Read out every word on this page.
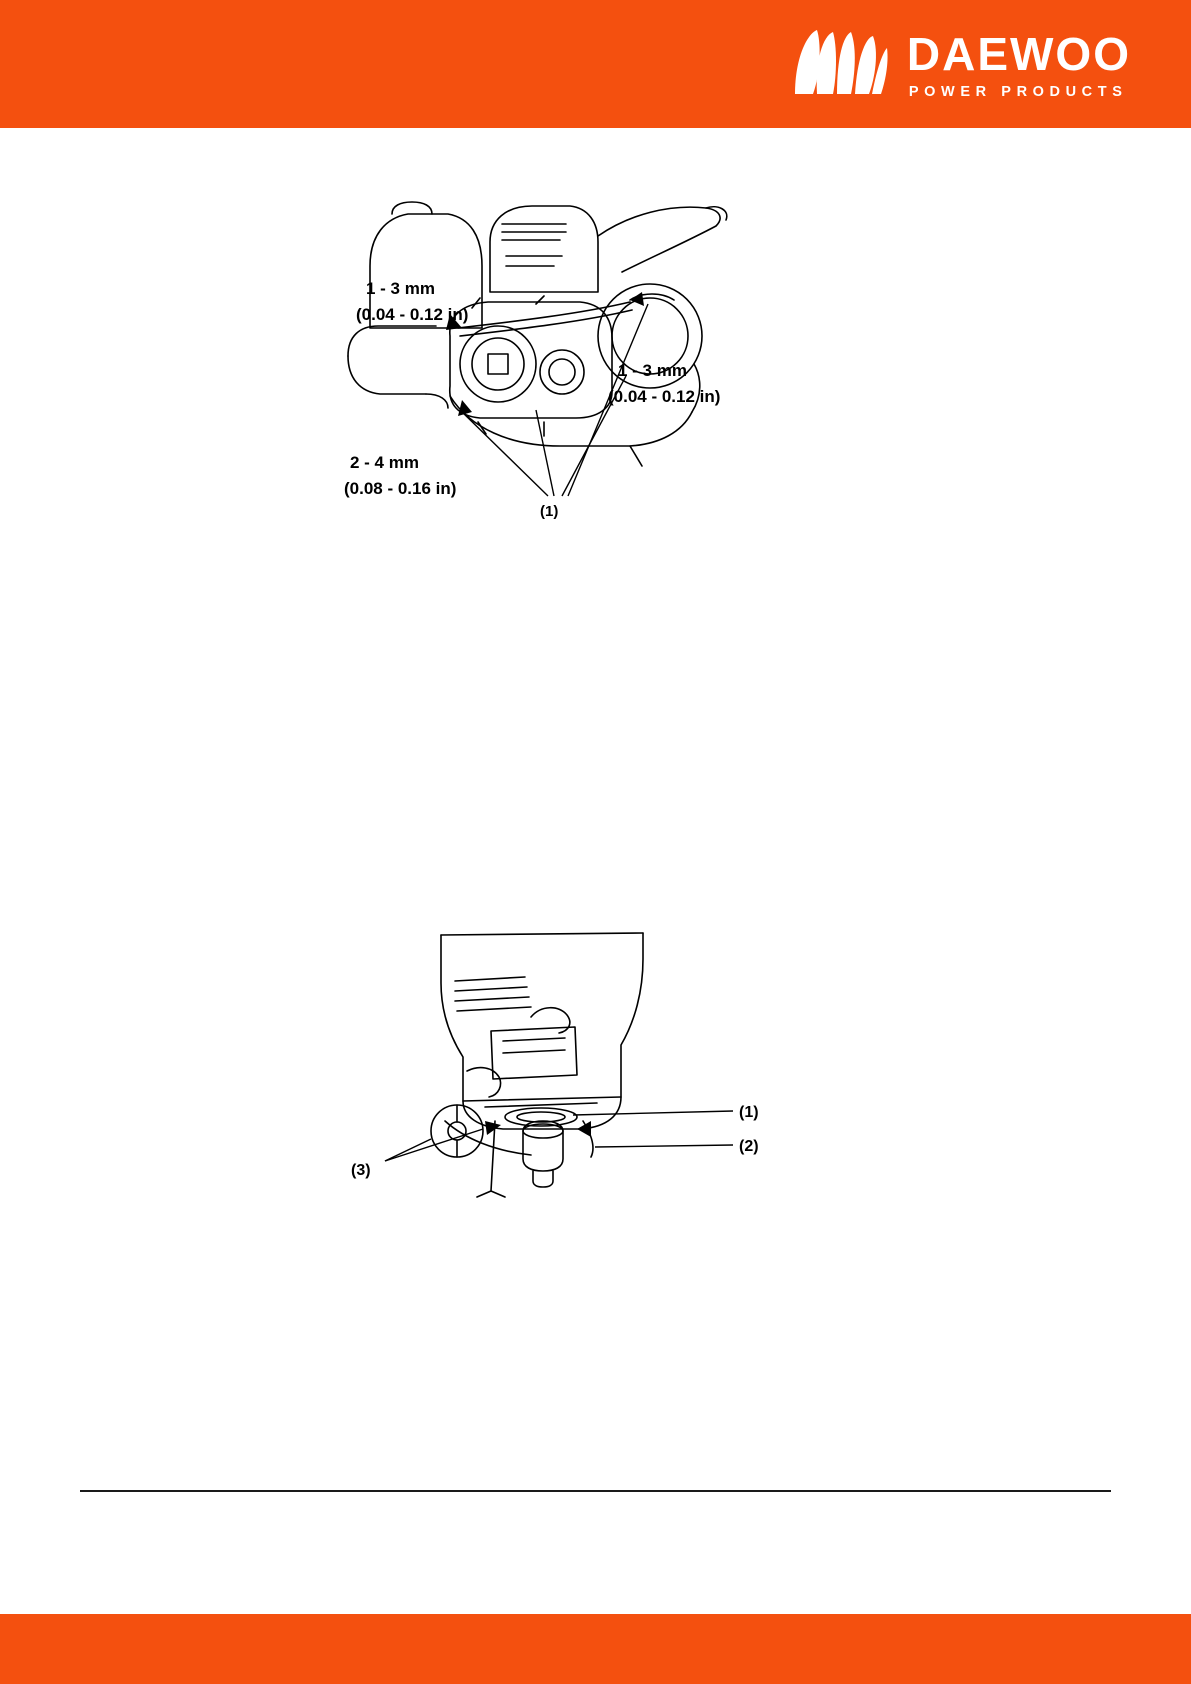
DAEWOO
POWER PRODUCTS
1 - 3 mm
(0.04 - 0.12 in)
1 - 3 mm
(0.04 - 0.12 in)
2 - 4 mm
(0.08 - 0.16 in)
(1)
(1)
(2)
(3)
